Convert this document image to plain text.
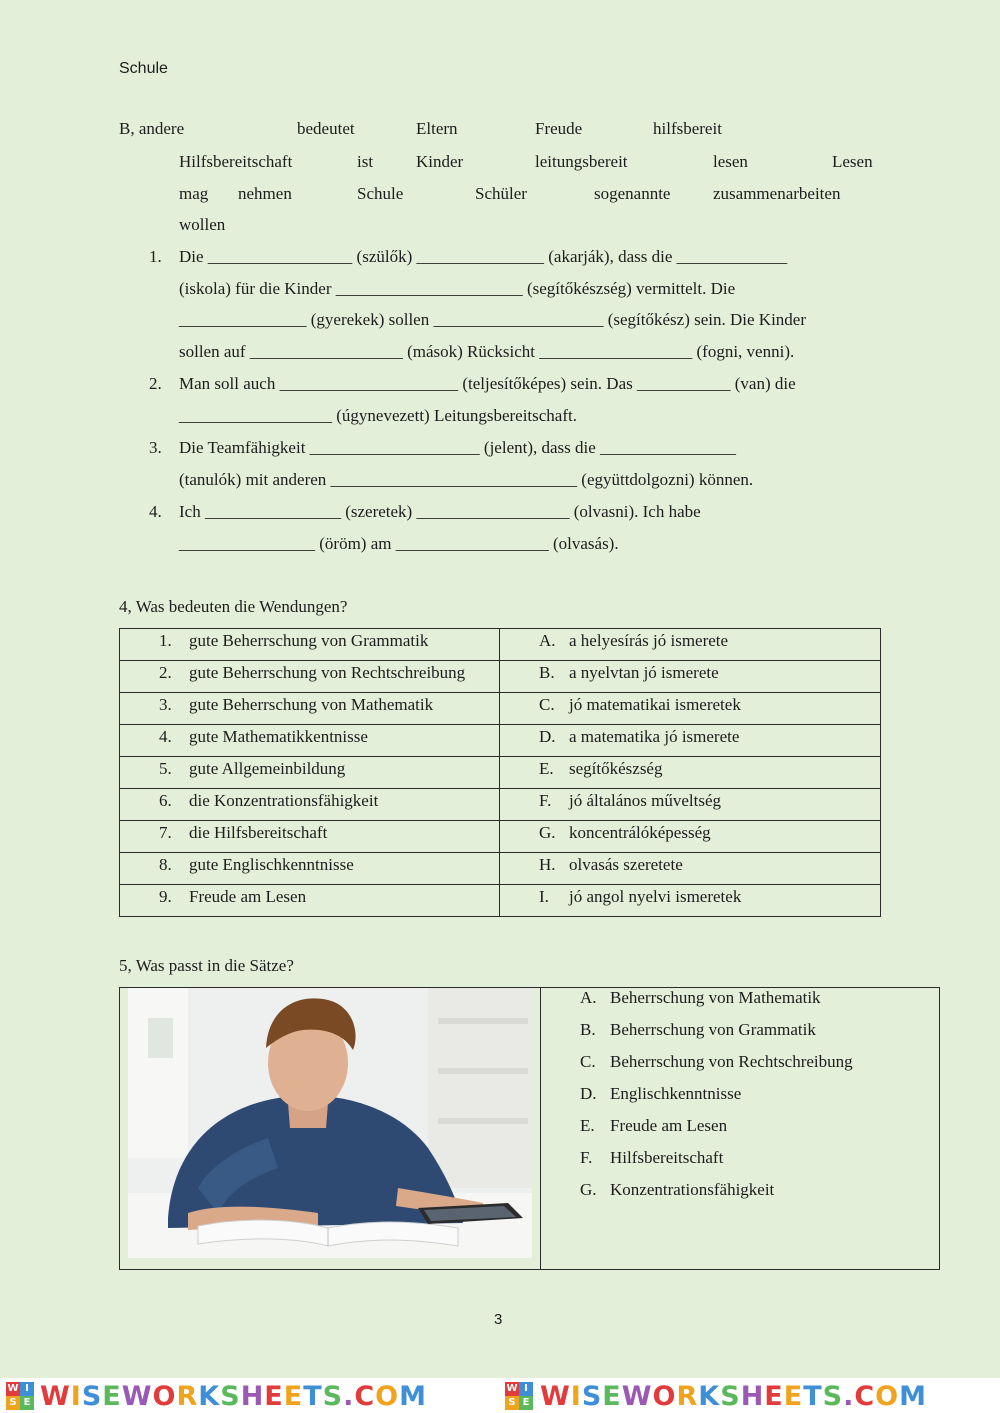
Schule
B, andere	bedeutet	Eltern	Freude	hilfsbereit
Hilfsbereitschaft	ist	Kinder	leitungsbereit	lesen	Lesen
mag nehmen	Schule	Schüler	sogenannte	zusammenarbeiten
wollen
1. Die _________________ (szülők) _______________ (akarják), dass die _____________
(iskola) für die Kinder ______________________ (segítőkészség) vermittelt. Die
_______________ (gyerekek) sollen ____________________ (segítőkész) sein. Die Kinder
sollen auf __________________ (mások) Rücksicht __________________ (fogni, venni).
2. Man soll auch _____________________ (teljesítőképes) sein. Das ___________ (van) die
__________________ (úgynevezett) Leitungsbereitschaft.
3. Die Teamfähigkeit ____________________ (jelent), dass die ________________
(tanulók) mit anderen _____________________________ (együttdolgozni) können.
4. Ich ________________ (szeretek) __________________ (olvasni). Ich habe
________________ (öröm) am __________________ (olvasás).
4, Was bedeuten die Wendungen?
1. gute Beherrschung von Grammatik	A. a helyesírás jó ismerete

2. gute Beherrschung von Rechtschreibung	B. a nyelvtan jó ismerete

3. gute Beherrschung von Mathematik	C. jó matematikai ismeretek

4. gute Mathematikkentnisse	D. a matematika jó ismerete

5. gute Allgemeinbildung	E. segítőkészség

6. die Konzentrationsfähigkeit	F. jó általános műveltség

7. die Hilfsbereitschaft	G. koncentrálóképesség

8. gute Englischkenntnisse	H. olvasás szeretete

9. Freude am Lesen	I. jó angol nyelvi ismeretek
5, Was passt in die Sätze?
A. Beherrschung von Mathematik
B. Beherrschung von Grammatik
C. Beherrschung von Rechtschreibung
D. Englischkenntnisse
E. Freude am Lesen
F. Hilfsbereitschaft
G. Konzentrationsfähigkeit
3
W I
S E WISEWORKSHEETS.COM	W I
S E WISEWORKSHEETS.COM
